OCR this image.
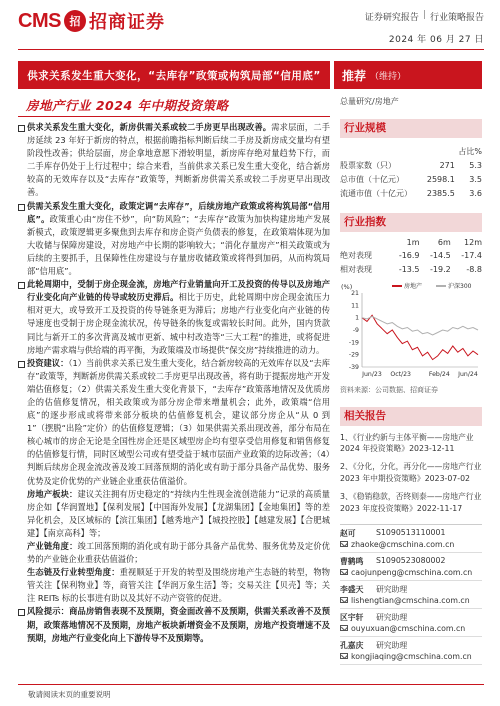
CMS 招 招商证券	证券研究报告 | 行业策略报告
2024 年 06 月 27 日
供求关系发生重大变化，“去库存”政策或构筑局部“信用底”	推荐 （维持）
房地产行业 2024 年中期投资策略

供求关系发生重大变化，新房供需关系或较二手房更早出现改善。需求层面，二手房延续 23 年好于新房的特点，根据前瞻指标判断后续二手房及新房成交量均有望阶段性改善；供给层面，房企拿地意愿下滑较明显，新房库存绝对量趋势下行，而二手库存仍处于上行过程中；综合来看，当前供求关系已发生重大变化，结合新房较高的无效库存以及“去库存”政策等，判断新房供需关系或较二手房更早出现改善。

供需关系发生重大变化，政策定调“去库存”，后续房地产政策或将构筑局部“信用底”。政策重心由“房住不炒”，向“防风险”；“去库存”政策为加快构建房地产发展新模式，政策逻辑更多聚焦到去库存和房企资产负债表的修复，在政策端体现为加大收储与保障房建设，对房地产中长期的影响较大；“消化存量房产”相关政策或为后续的主要抓手，且保障性住房建设与存量房收储政策或将得到加码，从而构筑局部“信用底”。

此轮周期中，受制于房企现金流，房地产行业销量向开工及投资的传导以及房地产行业变化向产业链的传导或较历史滞后。相比于历史，此轮周期中房企现金流压力相对更大，或导致开工及投资的传导链条更为滞后；房地产行业变化向产业链的传导速度也受制于房企现金流状况，传导链条的恢复或需较长时间。此外，国内货款同比与新开工的多次背离及城市更新、城中村改造等“三大工程”的推进，或将促进房地产需求端与供给端的再平衡，为政策端及市场提供“保交房”持续推进的动力。

投资建议：（1）当前供求关系已发生重大变化，结合新房较高的无效库存以及“去库存”政策等，判断新房供需关系或较二手房更早出现改善，将有助于提振房地产开发端估值修复；（2）供需关系发生重大变化背景下，“去库存”政策落地情况及优质房企的估值修复情况，相关政策或为部分房企带来增量机会；此外，政策端“信用底”的逐步形成或将带来部分板块的估值修复机会，建议部分房企从“从 0 到 1”（摆脱“出险”定价）的估值修复逻辑；（3）如果供需关系出现改善，部分布局在核心城市的房企无论是全国性房企还是区域型房企均有望享受信用修复和销售修复的估值修复行情，同时区域型公司或有望受益于城市层面产业政策的边际改善；（4）判断后续房企现金流改善及竣工回落预期的消化或有助于部分具备产品优势、服务优势及定价优势的产业链企业重获估值溢价。

房地产板块：建议关注拥有历史稳定的“持续内生性现金流创造能力”记录的高质量房企如【华润置地】【保利发展】【中国海外发展】【龙湖集团】【金地集团】等的差异化机会，及区域标的【滨江集团】【越秀地产】【城投控股】【越建发展】【合肥城建】【南京高科】等；

产业链角度：竣工回落预期的消化或有助于部分具备产品优势、服务优势及定价优势的产业链企业重获估值溢价；

生态链及行业转型角度：重视顺延于开发的转型及围绕房地产生态链的转型，物物管关注【保利物业】等，商管关注【华润万象生活】等；交易关注【贝壳】等；关注 REITs 标的长事进有助以及其好不动产资管的促进。

风险提示：商品房销售表现不及预期，资金面改善不及预期，供需关系改善不及预期，政策落地情况不及预期，房地产板块新增资金不及预期，房地产投资增速不及预期，房地产行业变化向上下游传导不及预期等。

总量研究/房地产
行业规模
		占比%
股票家数（只）	271	5.3
总市值（十亿元）	2598.1	3.5
流通市值（十亿元）	2385.5	3.6
行业指数
	1m	6m	12m
绝对表现	-16.9	-14.5	-17.4
相对表现	-13.5	-19.2	-8.8
(%)	房地产	沪深300
21
11
1
-9
-19
-29
-39
Jun/23 Oct/23	Feb/24 Jun/24
资料来源：公司数据、招商证券
相关报告
1、《行业约新与主体平衡——房地产业 2024 年投资策略》2023-12-11
2、《分化，分化，再分化——房地产行业 2023 年中期投资策略》2023-07-02
3、《稳销稳款，否终则泰——房地产行业 2023 年度投资策略》2022-11-17
赵可	S1090513110001
zhaoke@cmschina.com.cn
曹鹤鸣	S1090523080002
caojunpeng@cmschina.com.cn
李盛天	研究助理
lishengtian@cmschina.com.cn
区宇轩	研究助理
ouyuxuan@cmschina.com.cn
孔嘉庆	研究助理
kongjiaqing@cmschina.com.cn
敬请阅读末页的重要说明
